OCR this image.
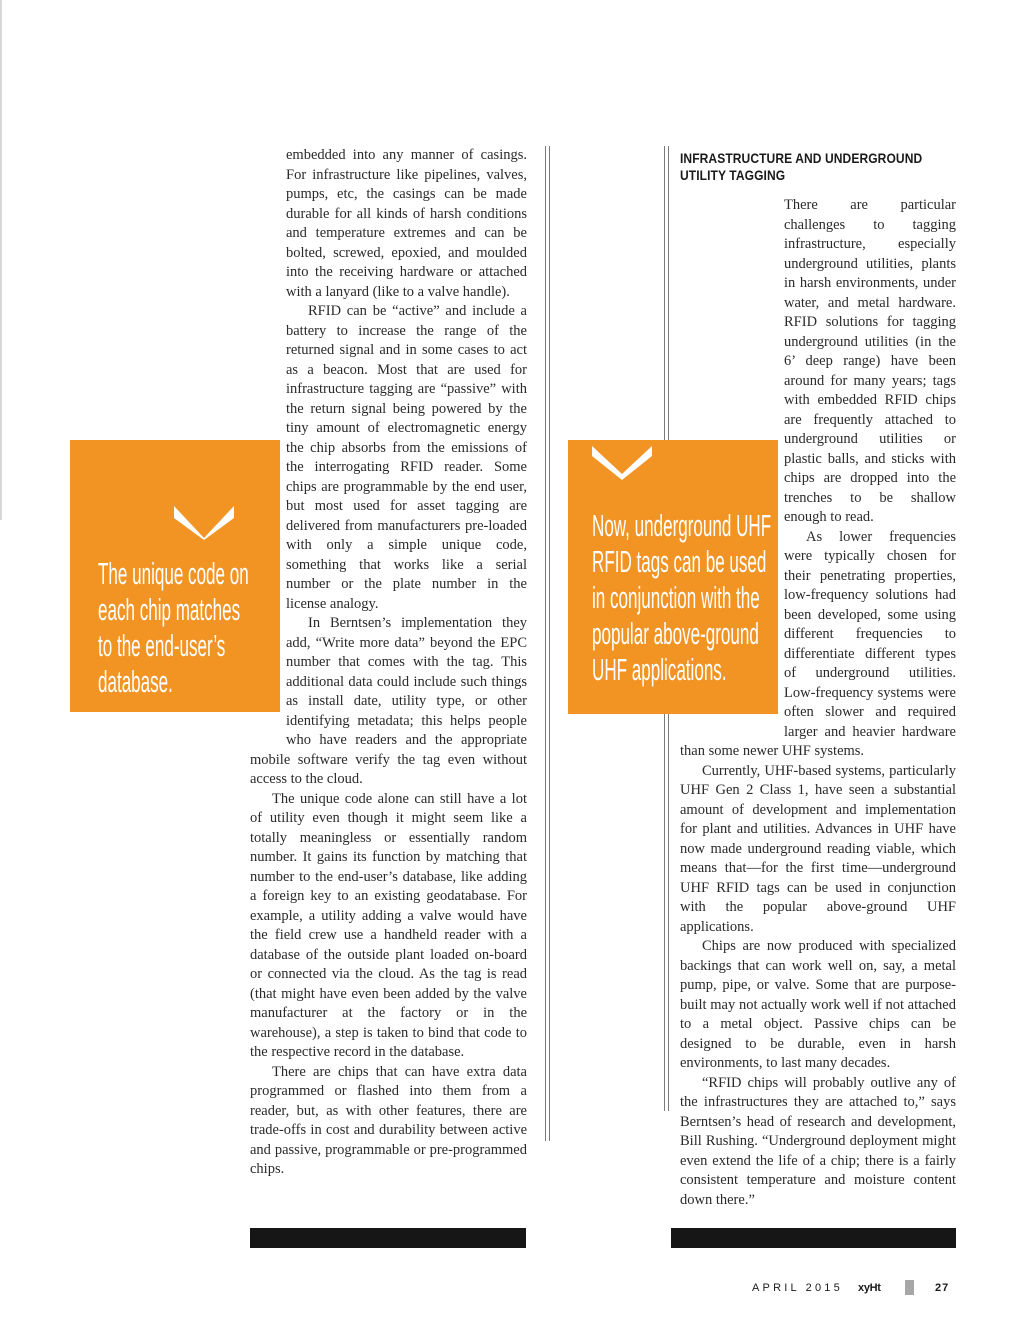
The unique code on
each chip matches
to the end-user’s
database.
Now, underground UHF
RFID tags can be used
in conjunction with the
popular above-ground
UHF applications.

embedded into any manner of casings. For infrastructure like pipelines, valves, pumps, etc, the casings can be made durable for all kinds of harsh conditions and temperature extremes and can be bolted, screwed, epoxied, and moulded into the receiving hardware or attached with a lanyard (like to a valve handle).

RFID can be “active” and include a battery to increase the range of the returned signal and in some cases to act as a beacon. Most that are used for infrastructure tagging are “passive” with the return signal being powered by the tiny amount of electromagnetic energy the chip absorbs from the emissions of the interrogating RFID reader. Some chips are programmable by the end user, but most used for asset tagging are delivered from manufacturers pre-loaded with only a simple unique code, something that works like a serial number or the plate number in the license analogy.

In Berntsen’s implementation they add, “Write more data” beyond the EPC number that comes with the tag. This additional data could include such things as install date, utility type, or other identifying metadata; this helps people who have readers and the appropriate mobile software verify the tag even without access to the cloud.

The unique code alone can still have a lot of utility even though it might seem like a totally meaningless or essentially random number. It gains its function by matching that number to the end-user’s database, like adding a foreign key to an existing geodatabase. For example, a utility adding a valve would have the field crew use a handheld reader with a database of the outside plant loaded on-board or connected via the cloud. As the tag is read (that might have even been added by the valve manufacturer at the factory or in the warehouse), a step is taken to bind that code to the respective record in the database.

There are chips that can have extra data programmed or flashed into them from a reader, but, as with other features, there are trade-offs in cost and durability between active and passive, programmable or pre-programmed chips.

INFRASTRUCTURE AND UNDERGROUND UTILITY TAGGING

There are particular challenges to tagging infrastructure, especially underground utilities, plants in harsh environments, under water, and metal hardware. RFID solutions for tagging underground utilities (in the 6’ deep range) have been around for many years; tags with embedded RFID chips are frequently attached to underground utilities or plastic balls, and sticks with chips are dropped into the trenches to be shallow enough to read.

As lower frequencies were typically chosen for their penetrating properties, low-frequency solutions had been developed, some using different frequencies to differentiate different types of underground utilities. Low-frequency systems were often slower and required larger and heavier hardware than some newer UHF systems.

Currently, UHF-based systems, particularly UHF Gen 2 Class 1, have seen a substantial amount of development and implementation for plant and utilities. Advances in UHF have now made underground reading viable, which means that—for the first time—underground UHF RFID tags can be used in conjunction with the popular above-ground UHF applications.

Chips are now produced with specialized backings that can work well on, say, a metal pump, pipe, or valve. Some that are purpose-built may not actually work well if not attached to a metal object. Passive chips can be designed to be durable, even in harsh environments, to last many decades.

“RFID chips will probably outlive any of the infrastructures they are attached to,” says Berntsen’s head of research and development, Bill Rushing. “Underground deployment might even extend the life of a chip; there is a fairly consistent temperature and moisture content down there.”

APRIL 2015 xyHt	27
